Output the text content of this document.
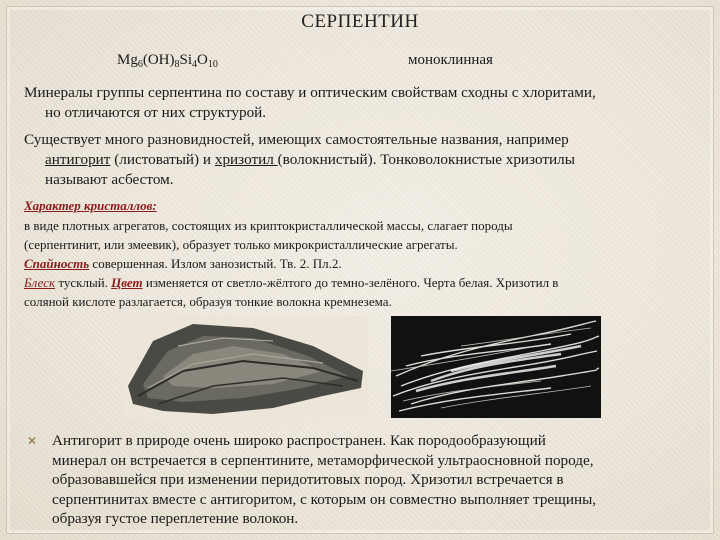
СЕРПЕНТИН
$Mg_6(OH)_8Si_4O_{10}$	моноклинная
Минералы группы серпентина по составу и оптическим свойствам сходны с хлоритами,
но отличаются от них структурой.
Существует много разновидностей, имеющих самостоятельные названия, например
антигорит (листоватый) и хризотил (волокнистый). Тонковолокнистые хризотилы
называют асбестом.
Характер кристаллов:
в виде плотных агрегатов, состоящих из криптокристаллической массы, слагает породы
(серпентинит, или змеевик), образует только микрокристаллические агрегаты.
Спайность совершенная. Излом занозистый. Тв. 2. Пл.2.
Блеск тусклый. Цвет изменяется от светло-жёлтого до темно-зелёного. Черта белая. Хризотил в
соляной кислоте разлагается, образуя тонкие волокна кремнезема.
✕ Антигорит в природе очень широко распространен. Как породообразующий
минерал он встречается в серпентините, метаморфической ультраосновной породе,
образовавшейся при изменении перидотитовых пород. Хризотил встречается в
серпентинитах вместе с антигоритом, с которым он совместно выполняет трещины,
образуя густое переплетение волокон.
